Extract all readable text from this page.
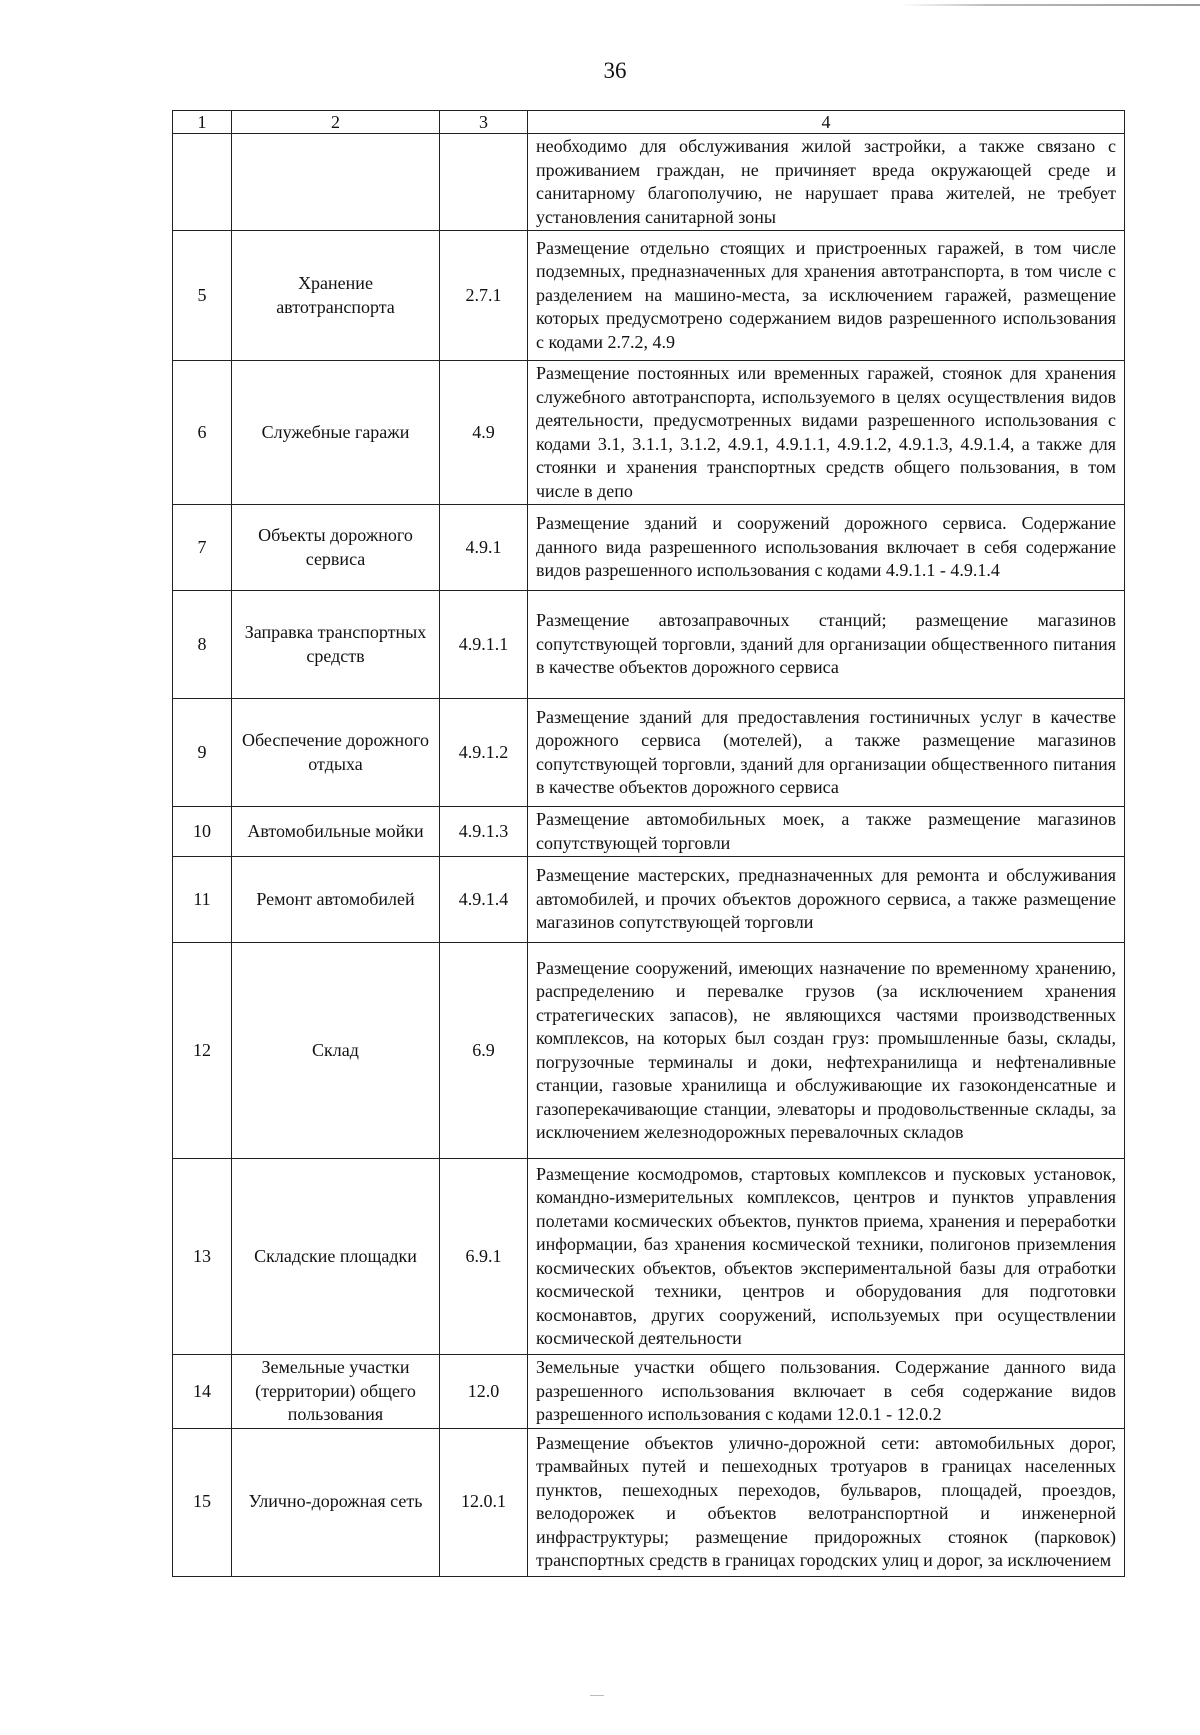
36
1	2	3	4
			необходимо для обслуживания жилой застройки, а также связано с проживанием граждан, не причиняет вреда окружающей среде и санитарному благополучию, не нарушает права жителей, не требует установления санитарной зоны
5	Хранение автотранспорта	2.7.1	Размещение отдельно стоящих и пристроенных гаражей, в том числе подземных, предназначенных для хранения автотранспорта, в том числе с разделением на машино-места, за исключением гаражей, размещение которых предусмотрено содержанием видов разрешенного использования с кодами 2.7.2, 4.9
6	Служебные гаражи	4.9	Размещение постоянных или временных гаражей, стоянок для хранения служебного автотранспорта, используемого в целях осуществления видов деятельности, предусмотренных видами разрешенного использования с кодами 3.1, 3.1.1, 3.1.2, 4.9.1, 4.9.1.1, 4.9.1.2, 4.9.1.3, 4.9.1.4, а также для стоянки и хранения транспортных средств общего пользования, в том числе в депо
7	Объекты дорожного сервиса	4.9.1	Размещение зданий и сооружений дорожного сервиса. Содержание данного вида разрешенного использования включает в себя содержание видов разрешенного использования с кодами 4.9.1.1 - 4.9.1.4
8	Заправка транспортных средств	4.9.1.1	Размещение автозаправочных станций; размещение магазинов сопутствующей торговли, зданий для организации общественного питания в качестве объектов дорожного сервиса
9	Обеспечение дорожного отдыха	4.9.1.2	Размещение зданий для предоставления гостиничных услуг в качестве дорожного сервиса (мотелей), а также размещение магазинов сопутствующей торговли, зданий для организации общественного питания в качестве объектов дорожного сервиса
10	Автомобильные мойки	4.9.1.3	Размещение автомобильных моек, а также размещение магазинов сопутствующей торговли
11	Ремонт автомобилей	4.9.1.4	Размещение мастерских, предназначенных для ремонта и обслуживания автомобилей, и прочих объектов дорожного сервиса, а также размещение магазинов сопутствующей торговли
12	Склад	6.9	Размещение сооружений, имеющих назначение по временному хранению, распределению и перевалке грузов (за исключением хранения стратегических запасов), не являющихся частями производственных комплексов, на которых был создан груз: промышленные базы, склады, погрузочные терминалы и доки, нефтехранилища и нефтеналивные станции, газовые хранилища и обслуживающие их газоконденсатные и газоперекачивающие станции, элеваторы и продовольственные склады, за исключением железнодорожных перевалочных складов
13	Складские площадки	6.9.1	Размещение космодромов, стартовых комплексов и пусковых установок, командно-измерительных комплексов, центров и пунктов управления полетами космических объектов, пунктов приема, хранения и переработки информации, баз хранения космической техники, полигонов приземления космических объектов, объектов экспериментальной базы для отработки космической техники, центров и оборудования для подготовки космонавтов, других сооружений, используемых при осуществлении космической деятельности
14	Земельные участки (территории) общего пользования	12.0	Земельные участки общего пользования. Содержание данного вида разрешенного использования включает в себя содержание видов разрешенного использования с кодами 12.0.1 - 12.0.2
15	Улично-дорожная сеть	12.0.1	Размещение объектов улично-дорожной сети: автомобильных дорог, трамвайных путей и пешеходных тротуаров в границах населенных пунктов, пешеходных переходов, бульваров, площадей, проездов, велодорожек и объектов велотранспортной и инженерной инфраструктуры; размещение придорожных стоянок (парковок) транспортных средств в границах городских улиц и дорог, за исключением
